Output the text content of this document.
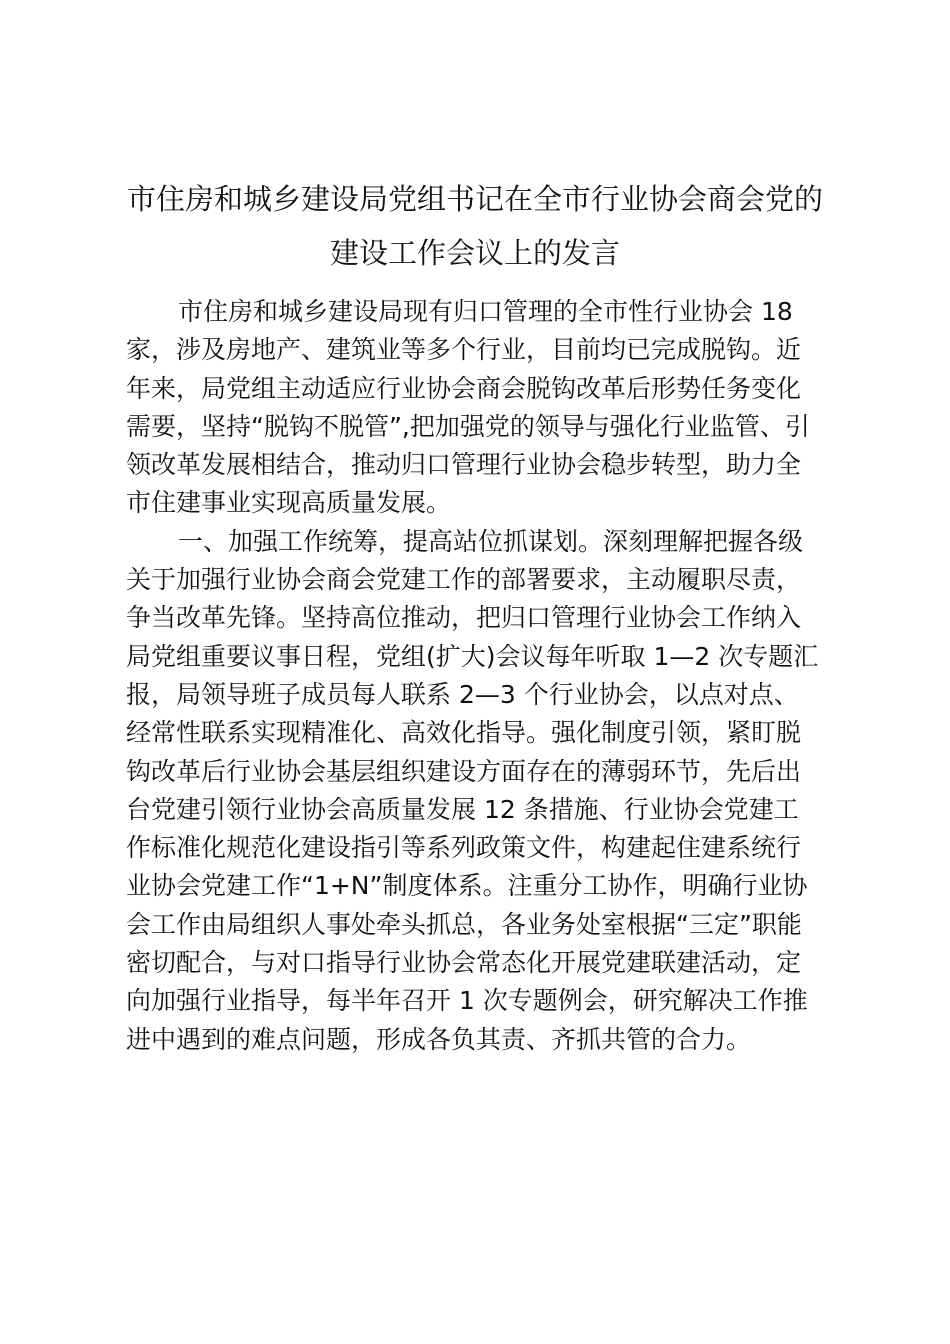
市住房和城乡建设局党组书记在全市行业协会商会党的
建设工作会议上的发言
市住房和城乡建设局现有归口管理的全市性行业协会 18
家，涉及房地产、建筑业等多个行业，目前均已完成脱钩。近
年来，局党组主动适应行业协会商会脱钩改革后形势任务变化
需要，坚持“脱钩不脱管”,把加强党的领导与强化行业监管、引
领改革发展相结合，推动归口管理行业协会稳步转型，助力全
市住建事业实现高质量发展。
一、加强工作统筹，提高站位抓谋划。深刻理解把握各级
关于加强行业协会商会党建工作的部署要求，主动履职尽责，
争当改革先锋。坚持高位推动，把归口管理行业协会工作纳入
局党组重要议事日程，党组(扩大)会议每年听取 1—2 次专题汇
报，局领导班子成员每人联系 2—3 个行业协会，以点对点、
经常性联系实现精准化、高效化指导。强化制度引领，紧盯脱
钩改革后行业协会基层组织建设方面存在的薄弱环节，先后出
台党建引领行业协会高质量发展 12 条措施、行业协会党建工
作标准化规范化建设指引等系列政策文件，构建起住建系统行
业协会党建工作“1+N”制度体系。注重分工协作，明确行业协
会工作由局组织人事处牵头抓总，各业务处室根据“三定”职能
密切配合，与对口指导行业协会常态化开展党建联建活动，定
向加强行业指导，每半年召开 1 次专题例会，研究解决工作推
进中遇到的难点问题，形成各负其责、齐抓共管的合力。
